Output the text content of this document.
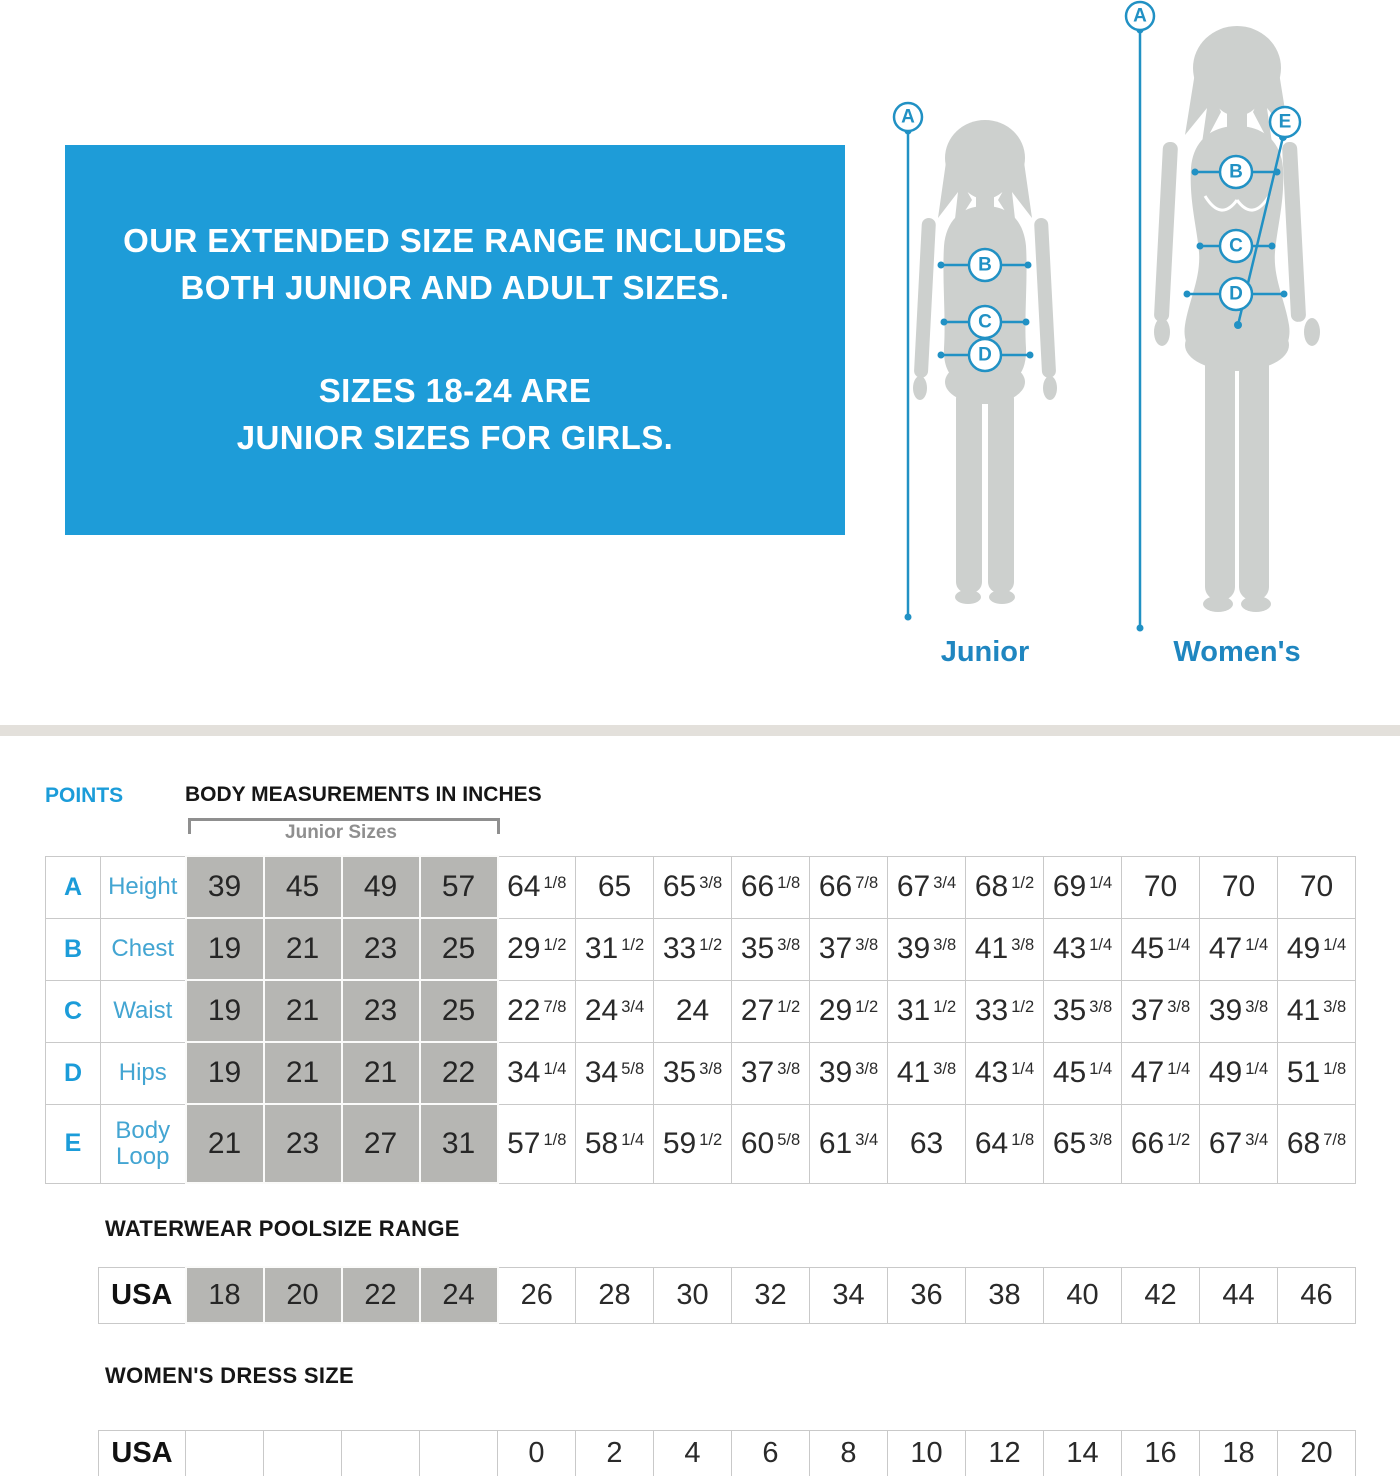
OUR EXTENDED SIZE RANGE INCLUDES
BOTH JUNIOR AND ADULT SIZES.

SIZES 18-24 ARE
JUNIOR SIZES FOR GIRLS.

A
B
C
D
Junior
A
E
B
C
D
Women's
POINTS	BODY MEASUREMENTS IN INCHES
Junior Sizes
A	Height	39	45	49	57	64 $^{1/8}$	65	65 $^{3/8}$	66 $^{1/8}$	66 $^{7/8}$	67 $^{3/4}$	68 $^{1/2}$	69 $^{1/4}$	70	70	70
B	Chest	19	21	23	25	29 $^{1/2}$	31 $^{1/2}$	33 $^{1/2}$	35 $^{3/8}$	37 $^{3/8}$	39 $^{3/8}$	41 $^{3/8}$	43 $^{1/4}$	45 $^{1/4}$	47 $^{1/4}$	49 $^{1/4}$
C	Waist	19	21	23	25	22 $^{7/8}$	24 $^{3/4}$	24	27 $^{1/2}$	29 $^{1/2}$	31 $^{1/2}$	33 $^{1/2}$	35 $^{3/8}$	37 $^{3/8}$	39 $^{3/8}$	41 $^{3/8}$
D	Hips	19	21	21	22	34 $^{1/4}$	34 $^{5/8}$	35 $^{3/8}$	37 $^{3/8}$	39 $^{3/8}$	41 $^{3/8}$	43 $^{1/4}$	45 $^{1/4}$	47 $^{1/4}$	49 $^{1/4}$	51 $^{1/8}$
E	Body Loop	21	23	27	31	57 $^{1/8}$	58 $^{1/4}$	59 $^{1/2}$	60 $^{5/8}$	61 $^{3/4}$	63	64 $^{1/8}$	65 $^{3/8}$	66 $^{1/2}$	67 $^{3/4}$	68 $^{7/8}$
WATERWEAR POOLSIZE RANGE
USA	18	20	22	24	26	28	30	32	34	36	38	40	42	44	46
WOMEN'S DRESS SIZE
USA					0	2	4	6	8	10	12	14	16	18	20
